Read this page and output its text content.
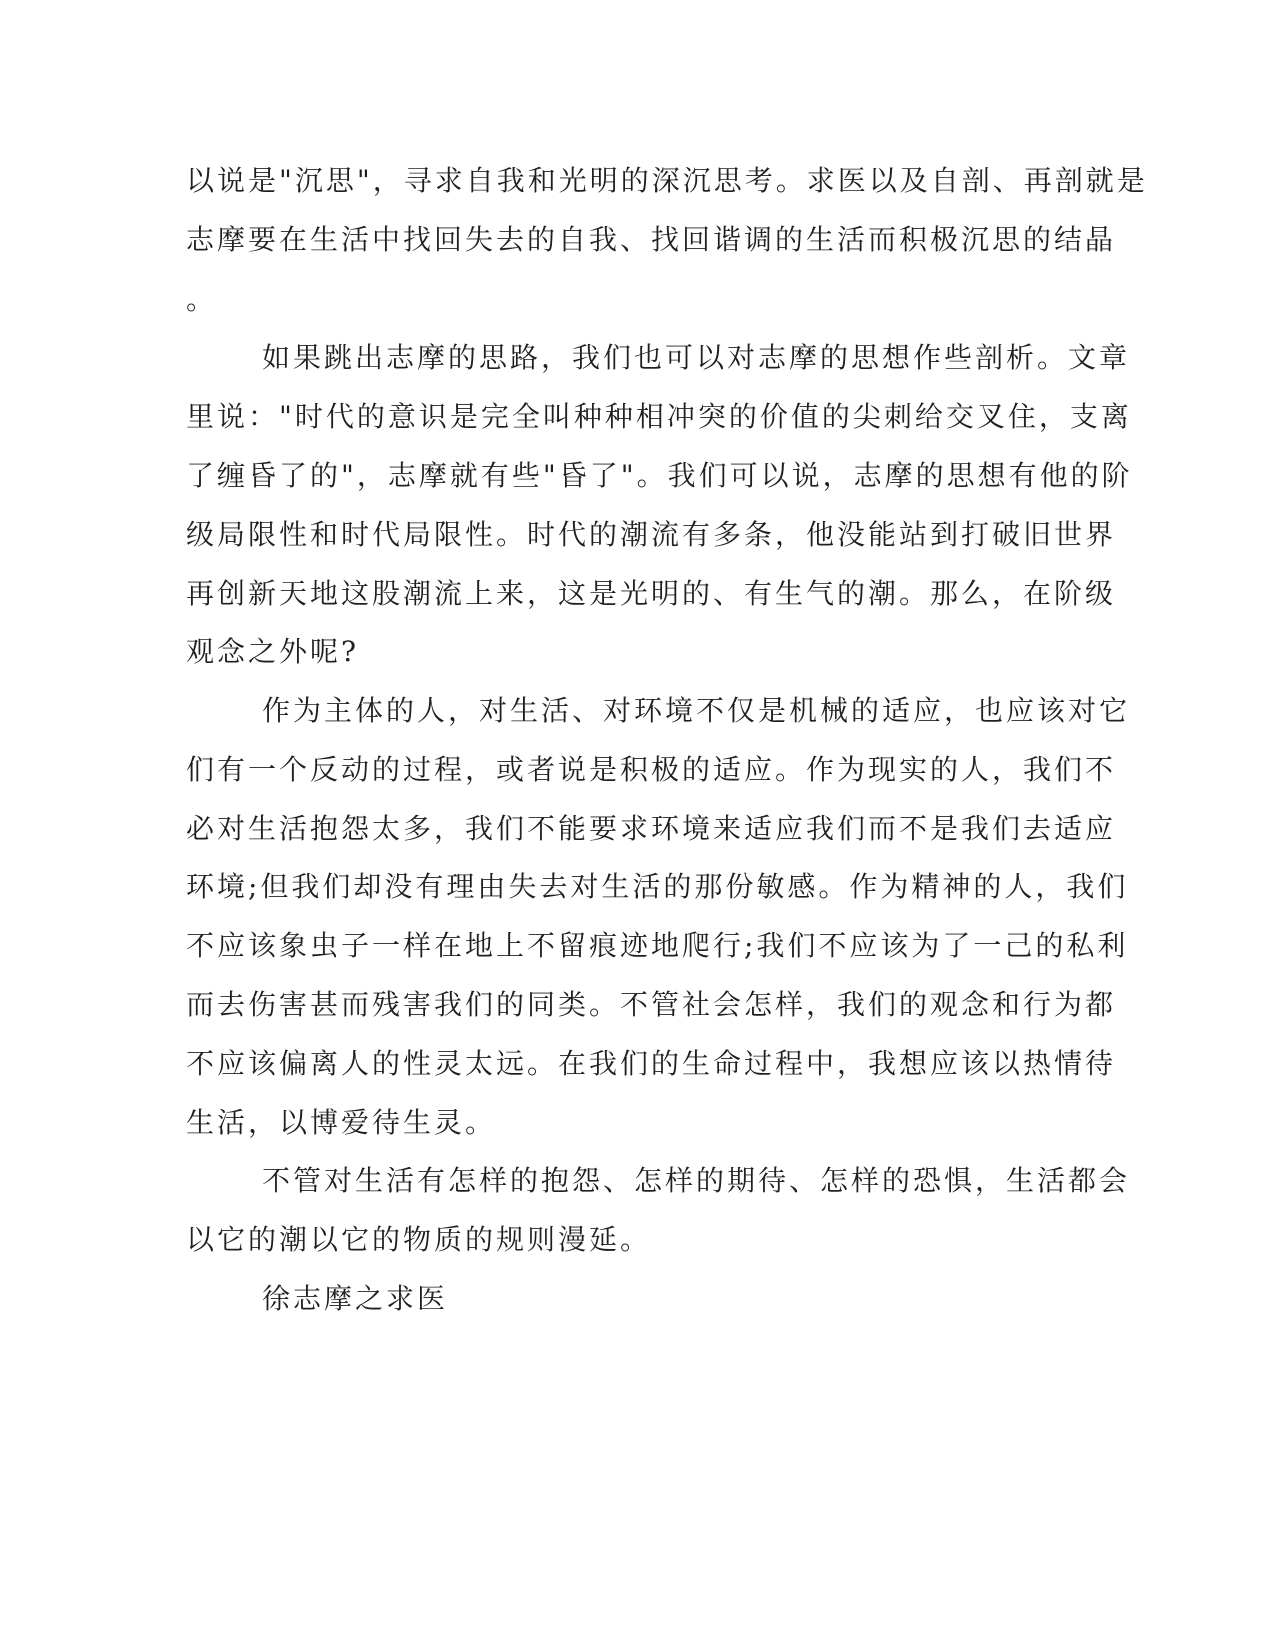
以说是"沉思"，寻求自我和光明的深沉思考。求医以及自剖、再剖就是
志摩要在生活中找回失去的自我、找回谐调的生活而积极沉思的结晶
。
如果跳出志摩的思路，我们也可以对志摩的思想作些剖析。文章
里说："时代的意识是完全叫种种相冲突的价值的尖刺给交叉住，支离
了缠昏了的"，志摩就有些"昏了"。我们可以说，志摩的思想有他的阶
级局限性和时代局限性。时代的潮流有多条，他没能站到打破旧世界
再创新天地这股潮流上来，这是光明的、有生气的潮。那么，在阶级
观念之外呢?
作为主体的人，对生活、对环境不仅是机械的适应，也应该对它
们有一个反动的过程，或者说是积极的适应。作为现实的人，我们不
必对生活抱怨太多，我们不能要求环境来适应我们而不是我们去适应
环境;但我们却没有理由失去对生活的那份敏感。作为精神的人，我们
不应该象虫子一样在地上不留痕迹地爬行;我们不应该为了一己的私利
而去伤害甚而残害我们的同类。不管社会怎样，我们的观念和行为都
不应该偏离人的性灵太远。在我们的生命过程中，我想应该以热情待
生活，以博爱待生灵。
不管对生活有怎样的抱怨、怎样的期待、怎样的恐惧，生活都会
以它的潮以它的物质的规则漫延。
徐志摩之求医
